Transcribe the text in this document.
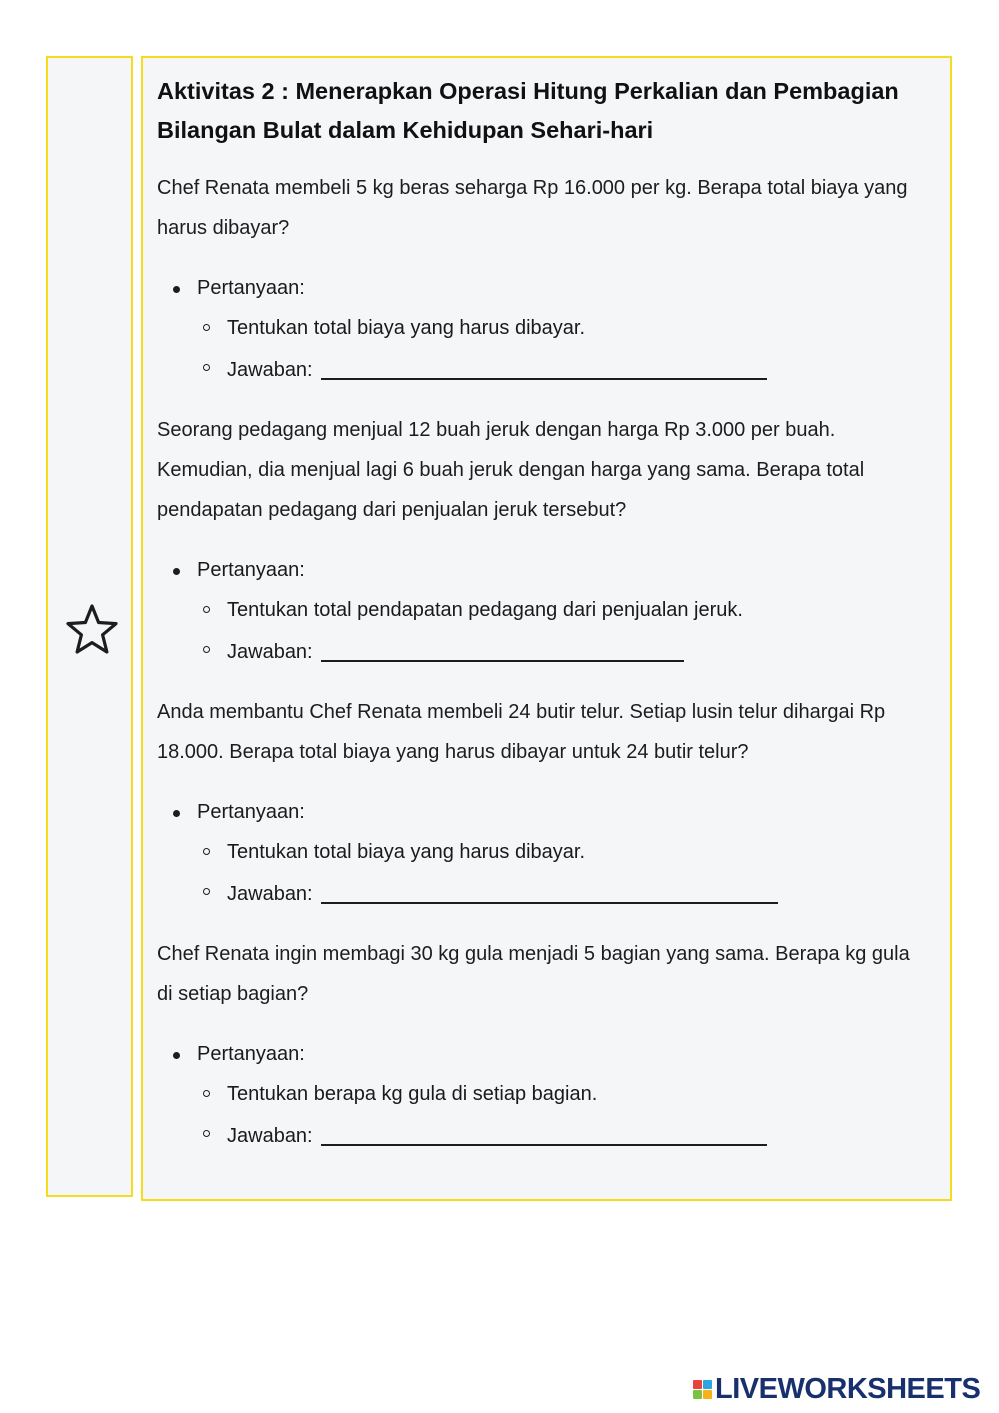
Aktivitas 2 : Menerapkan Operasi Hitung Perkalian dan Pembagian Bilangan Bulat dalam Kehidupan Sehari-hari

Chef Renata membeli 5 kg beras seharga Rp 16.000 per kg. Berapa total biaya yang harus dibayar?

Pertanyaan:
Tentukan total biaya yang harus dibayar.
Jawaban:

Seorang pedagang menjual 12 buah jeruk dengan harga Rp 3.000 per buah. Kemudian, dia menjual lagi 6 buah jeruk dengan harga yang sama. Berapa total pendapatan pedagang dari penjualan jeruk tersebut?

Pertanyaan:
Tentukan total pendapatan pedagang dari penjualan jeruk.
Jawaban:

Anda membantu Chef Renata membeli 24 butir telur. Setiap lusin telur dihargai Rp 18.000. Berapa total biaya yang harus dibayar untuk 24 butir telur?

Pertanyaan:
Tentukan total biaya yang harus dibayar.
Jawaban:

Chef Renata ingin membagi 30 kg gula menjadi 5 bagian yang sama. Berapa kg gula di setiap bagian?

Pertanyaan:
Tentukan berapa kg gula di setiap bagian.
Jawaban:
LIVEWORKSHEETS
